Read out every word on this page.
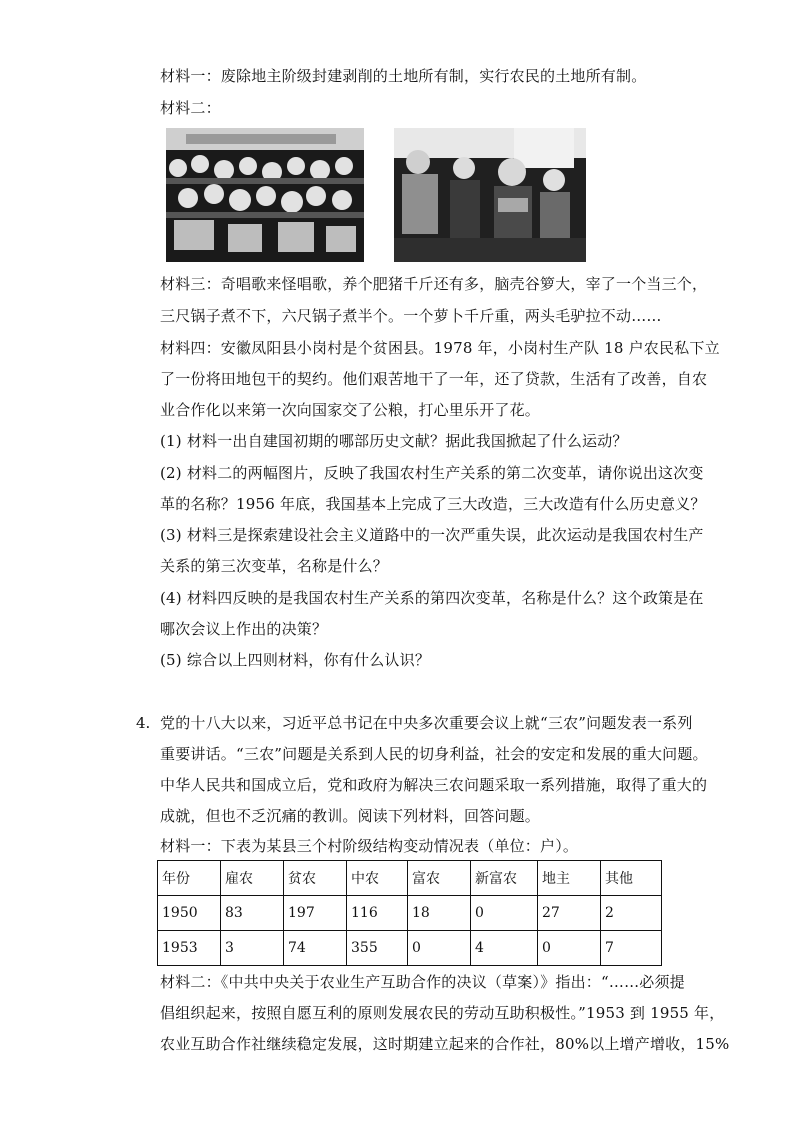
材料一：废除地主阶级封建剥削的土地所有制，实行农民的土地所有制。
材料二：
材料三：奇唱歌来怪唱歌，养个肥猪千斤还有多，脑壳谷箩大，宰了一个当三个，
三尺锅子煮不下，六尺锅子煮半个。一个萝卜千斤重，两头毛驴拉不动……
材料四：安徽凤阳县小岗村是个贫困县。1978 年，小岗村生产队 18 户农民私下立
了一份将田地包干的契约。他们艰苦地干了一年，还了贷款，生活有了改善，自农
业合作化以来第一次向国家交了公粮，打心里乐开了花。
(1) 材料一出自建国初期的哪部历史文献？据此我国掀起了什么运动？
(2) 材料二的两幅图片，反映了我国农村生产关系的第二次变革，请你说出这次变
革的名称？1956 年底，我国基本上完成了三大改造，三大改造有什么历史意义？
(3) 材料三是探索建设社会主义道路中的一次严重失误，此次运动是我国农村生产
关系的第三次变革，名称是什么？
(4) 材料四反映的是我国农村生产关系的第四次变革，名称是什么？这个政策是在
哪次会议上作出的决策？
(5) 综合以上四则材料，你有什么认识？
4. 党的十八大以来，习近平总书记在中央多次重要会议上就“三农”问题发表一系列
重要讲话。“三农”问题是关系到人民的切身利益，社会的安定和发展的重大问题。
中华人民共和国成立后，党和政府为解决三农问题采取一系列措施，取得了重大的
成就，但也不乏沉痛的教训。阅读下列材料，回答问题。
材料一：下表为某县三个村阶级结构变动情况表（单位：户）。
年份	雇农	贫农	中农	富农	新富农	地主	其他
1950	83	197	116	18	0	27	2
1953	3	74	355	0	4	0	7
材料二：《中共中央关于农业生产互助合作的决议（草案）》指出：“……必须提
倡组织起来，按照自愿互利的原则发展农民的劳动互助积极性。”1953 到 1955 年，
农业互助合作社继续稳定发展，这时期建立起来的合作社，80%以上增产增收，15%
